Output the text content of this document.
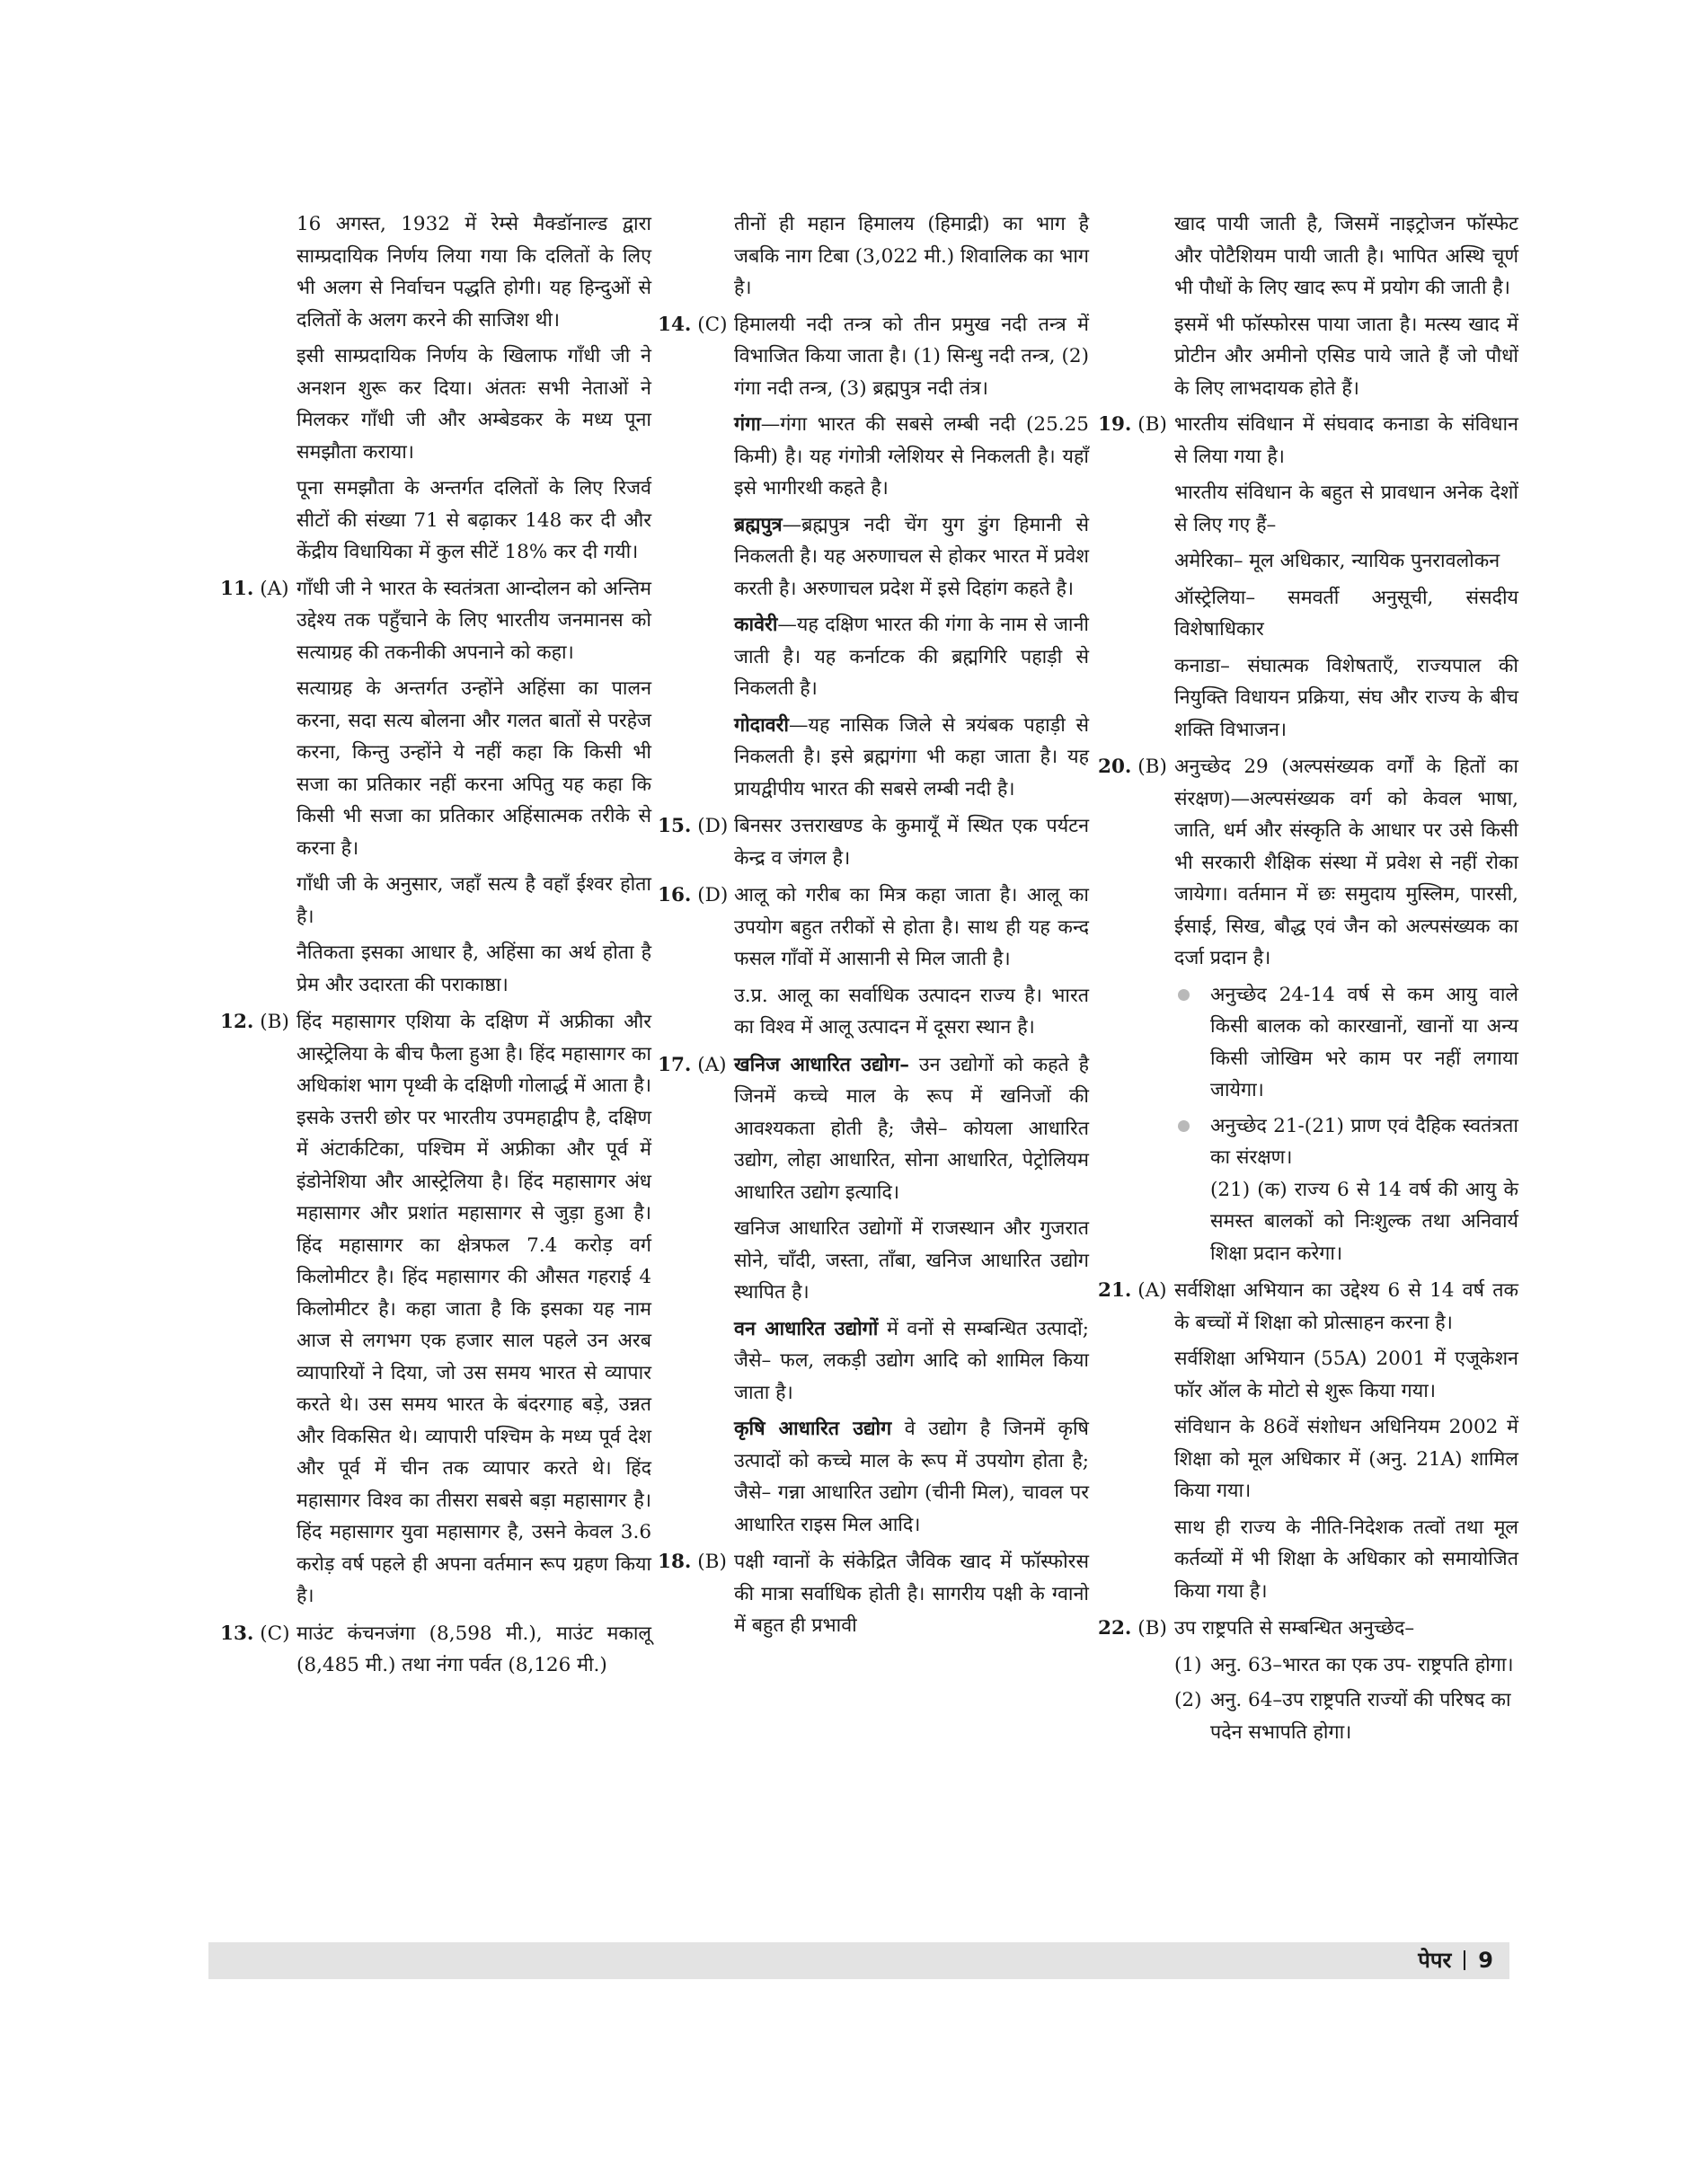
16 अगस्त, 1932 में रेम्से मैक्डॉनाल्ड द्वारा साम्प्रदायिक निर्णय लिया गया कि दलितों के लिए भी अलग से निर्वाचन पद्धति होगी। यह हिन्दुओं से दलितों के अलग करने की साजिश थी।

इसी साम्प्रदायिक निर्णय के खिलाफ गाँधी जी ने अनशन शुरू कर दिया। अंततः सभी नेताओं ने मिलकर गाँधी जी और अम्बेडकर के मध्य पूना समझौता कराया।

पूना समझौता के अन्तर्गत दलितों के लिए रिजर्व सीटों की संख्या 71 से बढ़ाकर 148 कर दी और केंद्रीय विधायिका में कुल सीटें 18% कर दी गयी।

11. (A) गाँधी जी ने भारत के स्वतंत्रता आन्दोलन को अन्तिम उद्देश्य तक पहुँचाने के लिए भारतीय जनमानस को सत्याग्रह की तकनीकी अपनाने को कहा।

सत्याग्रह के अन्तर्गत उन्होंने अहिंसा का पालन करना, सदा सत्य बोलना और गलत बातों से परहेज करना, किन्तु उन्होंने ये नहीं कहा कि किसी भी सजा का प्रतिकार नहीं करना अपितु यह कहा कि किसी भी सजा का प्रतिकार अहिंसात्मक तरीके से करना है।

गाँधी जी के अनुसार, जहाँ सत्य है वहाँ ईश्वर होता है।

नैतिकता इसका आधार है, अहिंसा का अर्थ होता है प्रेम और उदारता की पराकाष्ठा।

12. (B) हिंद महासागर एशिया के दक्षिण में अफ्रीका और आस्ट्रेलिया के बीच फैला हुआ है। हिंद महासागर का अधिकांश भाग पृथ्वी के दक्षिणी गोलार्द्ध में आता है। इसके उत्तरी छोर पर भारतीय उपमहाद्वीप है, दक्षिण में अंटार्कटिका, पश्चिम में अफ्रीका और पूर्व में इंडोनेशिया और आस्ट्रेलिया है। हिंद महासागर अंध महासागर और प्रशांत महासागर से जुड़ा हुआ है। हिंद महासागर का क्षेत्रफल 7.4 करोड़ वर्ग किलोमीटर है। हिंद महासागर की औसत गहराई 4 किलोमीटर है। कहा जाता है कि इसका यह नाम आज से लगभग एक हजार साल पहले उन अरब व्यापारियों ने दिया, जो उस समय भारत से व्यापार करते थे। उस समय भारत के बंदरगाह बड़े, उन्नत और विकसित थे। व्यापारी पश्चिम के मध्य पूर्व देश और पूर्व में चीन तक व्यापार करते थे। हिंद महासागर विश्व का तीसरा सबसे बड़ा महासागर है। हिंद महासागर युवा महासागर है, उसने केवल 3.6 करोड़ वर्ष पहले ही अपना वर्तमान रूप ग्रहण किया है।

13. (C) माउंट कंचनजंगा (8,598 मी.), माउंट मकालू (8,485 मी.) तथा नंगा पर्वत (8,126 मी.)

तीनों ही महान हिमालय (हिमाद्री) का भाग है जबकि नाग टिबा (3,022 मी.) शिवालिक का भाग है।

14. (C) हिमालयी नदी तन्त्र को तीन प्रमुख नदी तन्त्र में विभाजित किया जाता है। (1) सिन्धु नदी तन्त्र, (2) गंगा नदी तन्त्र, (3) ब्रह्मपुत्र नदी तंत्र।

गंगा—गंगा भारत की सबसे लम्बी नदी (25.25 किमी) है। यह गंगोत्री ग्लेशियर से निकलती है। यहाँ इसे भागीरथी कहते है।

ब्रह्मपुत्र—ब्रह्मपुत्र नदी चेंग युग डुंग हिमानी से निकलती है। यह अरुणाचल से होकर भारत में प्रवेश करती है। अरुणाचल प्रदेश में इसे दिहांग कहते है।

कावेरी—यह दक्षिण भारत की गंगा के नाम से जानी जाती है। यह कर्नाटक की ब्रह्मगिरि पहाड़ी से निकलती है।

गोदावरी—यह नासिक जिले से त्रयंबक पहाड़ी से निकलती है। इसे ब्रह्मगंगा भी कहा जाता है। यह प्रायद्वीपीय भारत की सबसे लम्बी नदी है।

15. (D) बिनसर उत्तराखण्ड के कुमायूँ में स्थित एक पर्यटन केन्द्र व जंगल है।

16. (D) आलू को गरीब का मित्र कहा जाता है। आलू का उपयोग बहुत तरीकों से होता है। साथ ही यह कन्द फसल गाँवों में आसानी से मिल जाती है।

उ.प्र. आलू का सर्वाधिक उत्पादन राज्य है। भारत का विश्व में आलू उत्पादन में दूसरा स्थान है।

17. (A) खनिज आधारित उद्योग– उन उद्योगों को कहते है जिनमें कच्चे माल के रूप में खनिजों की आवश्यकता होती है; जैसे– कोयला आधारित उद्योग, लोहा आधारित, सोना आधारित, पेट्रोलियम आधारित उद्योग इत्यादि।

खनिज आधारित उद्योगों में राजस्थान और गुजरात सोने, चाँदी, जस्ता, ताँबा, खनिज आधारित उद्योग स्थापित है।

वन आधारित उद्योगों में वनों से सम्बन्धित उत्पादों; जैसे– फल, लकड़ी उद्योग आदि को शामिल किया जाता है।

कृषि आधारित उद्योग वे उद्योग है जिनमें कृषि उत्पादों को कच्चे माल के रूप में उपयोग होता है; जैसे– गन्ना आधारित उद्योग (चीनी मिल), चावल पर आधारित राइस मिल आदि।

18. (B) पक्षी ग्वानों के संकेद्रित जैविक खाद में फॉस्फोरस की मात्रा सर्वाधिक होती है। सागरीय पक्षी के ग्वानो में बहुत ही प्रभावी

खाद पायी जाती है, जिसमें नाइट्रोजन फॉस्फेट और पोटैशियम पायी जाती है। भापित अस्थि चूर्ण भी पौधों के लिए खाद रूप में प्रयोग की जाती है।

इसमें भी फॉस्फोरस पाया जाता है। मत्स्य खाद में प्रोटीन और अमीनो एसिड पाये जाते हैं जो पौधों के लिए लाभदायक होते हैं।

19. (B) भारतीय संविधान में संघवाद कनाडा के संविधान से लिया गया है।

भारतीय संविधान के बहुत से प्रावधान अनेक देशों से लिए गए हैं–

अमेरिका– मूल अधिकार, न्यायिक पुनरावलोकन

ऑस्ट्रेलिया– समवर्ती अनुसूची, संसदीय विशेषाधिकार

कनाडा– संघात्मक विशेषताएँ, राज्यपाल की नियुक्ति विधायन प्रक्रिया, संघ और राज्य के बीच शक्ति विभाजन।

20. (B) अनुच्छेद 29 (अल्पसंख्यक वर्गों के हितों का संरक्षण)—अल्पसंख्यक वर्ग को केवल भाषा, जाति, धर्म और संस्कृति के आधार पर उसे किसी भी सरकारी शैक्षिक संस्था में प्रवेश से नहीं रोका जायेगा। वर्तमान में छः समुदाय मुस्लिम, पारसी, ईसाई, सिख, बौद्ध एवं जैन को अल्पसंख्यक का दर्जा प्रदान है।

अनुच्छेद 24-14 वर्ष से कम आयु वाले किसी बालक को कारखानों, खानों या अन्य किसी जोखिम भरे काम पर नहीं लगाया जायेगा।
अनुच्छेद 21-(21) प्राण एवं दैहिक स्वतंत्रता का संरक्षण।
(21) (क) राज्य 6 से 14 वर्ष की आयु के समस्त बालकों को निःशुल्क तथा अनिवार्य शिक्षा प्रदान करेगा।
21. (A) सर्वशिक्षा अभियान का उद्देश्य 6 से 14 वर्ष तक के बच्चों में शिक्षा को प्रोत्साहन करना है।

सर्वशिक्षा अभियान (55A) 2001 में एजूकेशन फॉर ऑल के मोटो से शुरू किया गया।

संविधान के 86वें संशोधन अधिनियम 2002 में शिक्षा को मूल अधिकार में (अनु. 21A) शामिल किया गया।

साथ ही राज्य के नीति-निदेशक तत्वों तथा मूल कर्तव्यों में भी शिक्षा के अधिकार को समायोजित किया गया है।

22. (B) उप राष्ट्रपति से सम्बन्धित अनुच्छेद–

(1) अनु. 63–भारत का एक उप- राष्ट्रपति होगा।
(2) अनु. 64–उप राष्ट्रपति राज्यों की परिषद का पदेन सभापति होगा।
पेपर 9
